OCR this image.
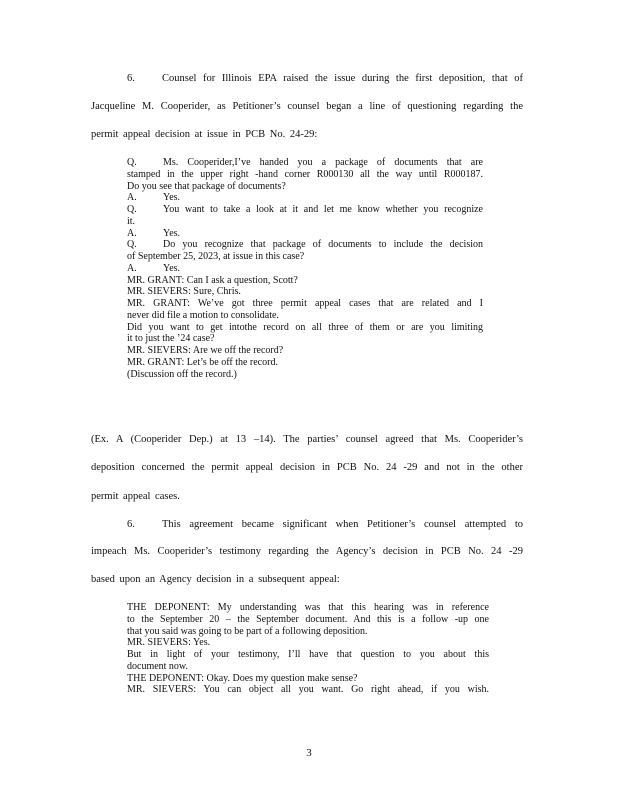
6.	Counsel for Illinois EPA raised the issue during the first deposition, that of
Jacqueline M. Cooperider, as Petitioner’s counsel began a line of questioning regarding the
permit appeal decision at issue in PCB No. 24-29:
Q.	Ms. Cooperider,I’ve handed you a package of documents that are
stamped in the upper right -hand corner R000130 all the way until R000187.
Do you see that package of documents?
A.	Yes.
Q.	You want to take a look at it and let me know whether you recognize
it.
A.	Yes.
Q.	Do you recognize that package of documents to include the decision
of September 25, 2023, at issue in this case?
A.	Yes.
MR. GRANT: Can I ask a question, Scott?
MR. SIEVERS: Sure, Chris.
MR. GRANT: We’ve got three permit appeal cases that are related and I
never did file a motion to consolidate.
Did you want to get intothe record on all three of them or are you limiting
it to just the ’24 case?
MR. SIEVERS: Are we off the record?
MR. GRANT: Let’s be off the record.
(Discussion off the record.)
(Ex. A (Cooperider Dep.) at 13 –14). The parties’ counsel agreed that Ms. Cooperider’s
deposition concerned the permit appeal decision in PCB No. 24 -29 and not in the other
permit appeal cases.
6.	This agreement became significant when Petitioner’s counsel attempted to
impeach Ms. Cooperider’s testimony regarding the Agency’s decision in PCB No. 24 -29
based upon an Agency decision in a subsequent appeal:
THE DEPONENT: My understanding was that this hearing was in reference
to the September 20 – the September document. And this is a follow -up one
that you said was going to be part of a following deposition.
MR. SIEVERS: Yes.
But in light of your testimony, I’ll have that question to you about this
document now.
THE DEPONENT: Okay. Does my question make sense?
MR. SIEVERS: You can object all you want. Go right ahead, if you wish.
3
